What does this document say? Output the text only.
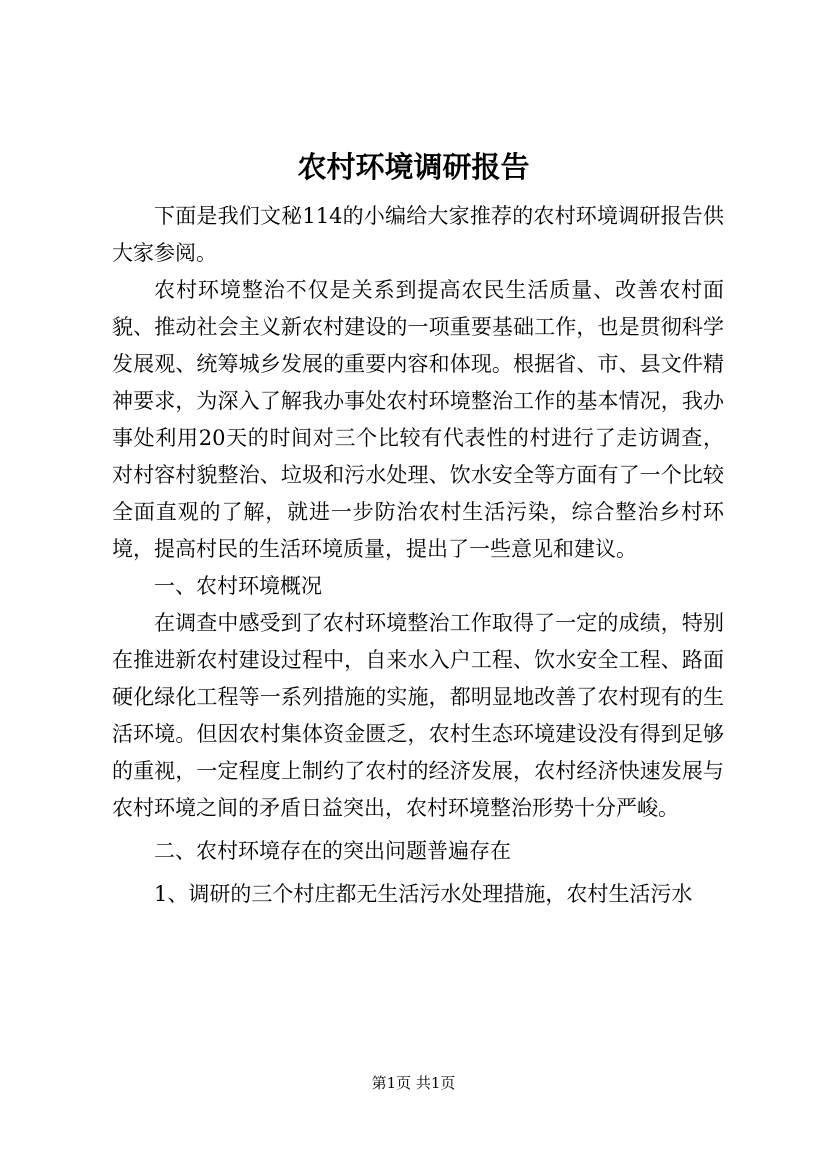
农村环境调研报告

下面是我们文秘114的小编给大家推荐的农村环境调研报告供大家参阅。

农村环境整治不仅是关系到提高农民生活质量、改善农村面貌、推动社会主义新农村建设的一项重要基础工作，也是贯彻科学发展观、统筹城乡发展的重要内容和体现。根据省、市、县文件精神要求，为深入了解我办事处农村环境整治工作的基本情况，我办事处利用20天的时间对三个比较有代表性的村进行了走访调查，对村容村貌整治、垃圾和污水处理、饮水安全等方面有了一个比较全面直观的了解，就进一步防治农村生活污染，综合整治乡村环境，提高村民的生活环境质量，提出了一些意见和建议。

一、农村环境概况

在调查中感受到了农村环境整治工作取得了一定的成绩，特别在推进新农村建设过程中，自来水入户工程、饮水安全工程、路面硬化绿化工程等一系列措施的实施，都明显地改善了农村现有的生活环境。但因农村集体资金匮乏，农村生态环境建设没有得到足够的重视，一定程度上制约了农村的经济发展，农村经济快速发展与农村环境之间的矛盾日益突出，农村环境整治形势十分严峻。

二、农村环境存在的突出问题普遍存在

1、调研的三个村庄都无生活污水处理措施，农村生活污水

第1页 共1页
